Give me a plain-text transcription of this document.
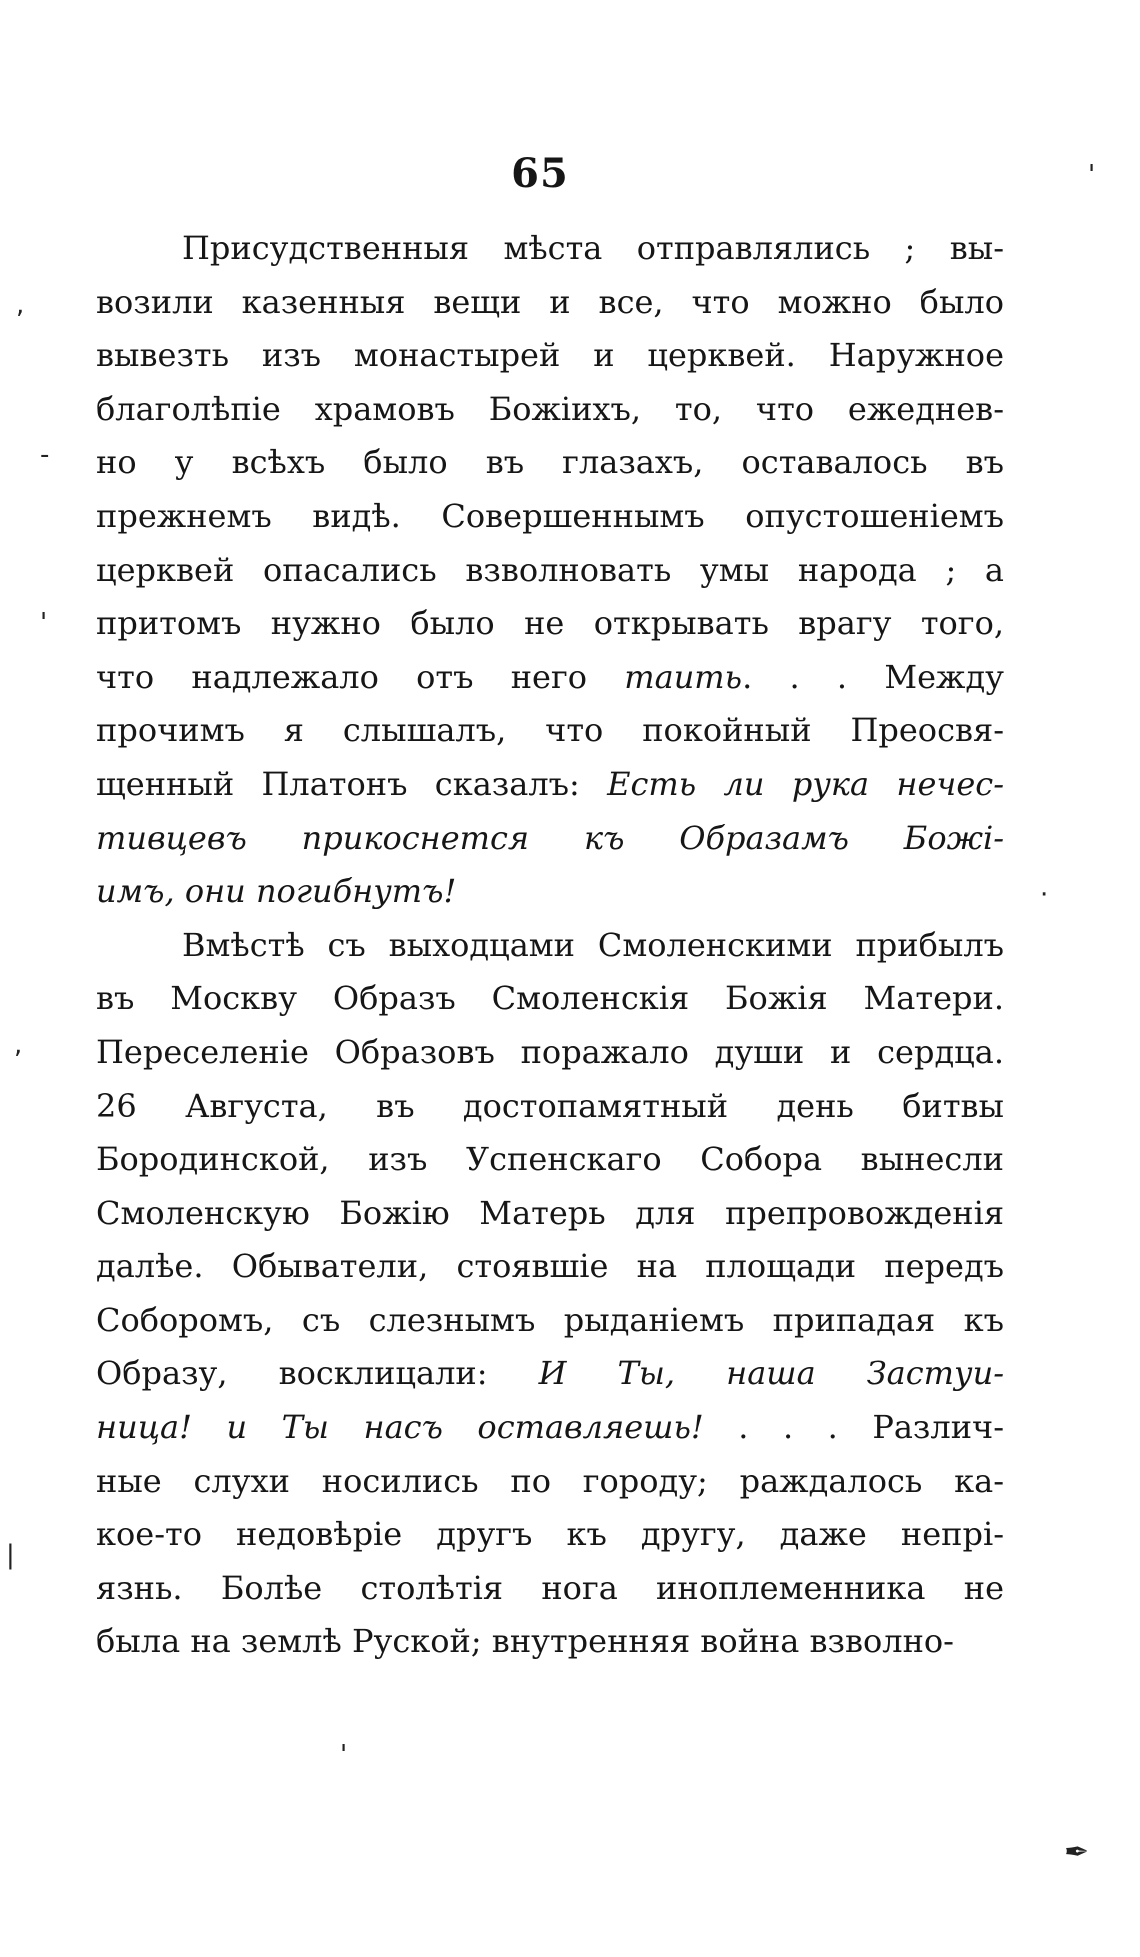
65
Присудственныя мѣста отправлялись ; вы-
возили казенныя вещи и все, что можно было
вывезть изъ монастырей и церквей. Наружное
благолѣпіе храмовъ Божіихъ, то, что ежеднев-
но у всѣхъ было въ глазахъ, оставалось въ
прежнемъ видѣ. Совершеннымъ опустошеніемъ
церквей опасались взволновать умы народа ; а
притомъ нужно было не открывать врагу того,
что надлежало отъ него таить. . . Между
прочимъ я слышалъ, что покойный Преосвя-
щенный Платонъ сказалъ: Есть ли рука нечес-
тивцевъ прикоснется къ Образамъ Божі-
имъ, они погибнутъ!
Вмѣстѣ съ выходцами Смоленскими прибылъ
въ Москву Образъ Смоленскія Божія Матери.
Переселеніе Образовъ поражало души и сердца.
26 Августа, въ достопамятный день битвы
Бородинской, изъ Успенскаго Собора вынесли
Смоленскую Божію Матерь для препровожденія
далѣе. Обыватели, стоявшіе на площади передъ
Соборомъ, съ слезнымъ рыданіемъ припадая къ
Образу, восклицали: И Ты, наша Застуи-
ница! и Ты насъ оставляешь! . . . Различ-
ные слухи носились по городу; раждалось ка-
кое-то недовѣріе другъ къ другу, даже непрі-
язнь. Болѣе столѣтія нога иноплеменника не
была на землѣ Руской; внутренняя война взволно-
'
,
-
'
·
,
|
'
✒
